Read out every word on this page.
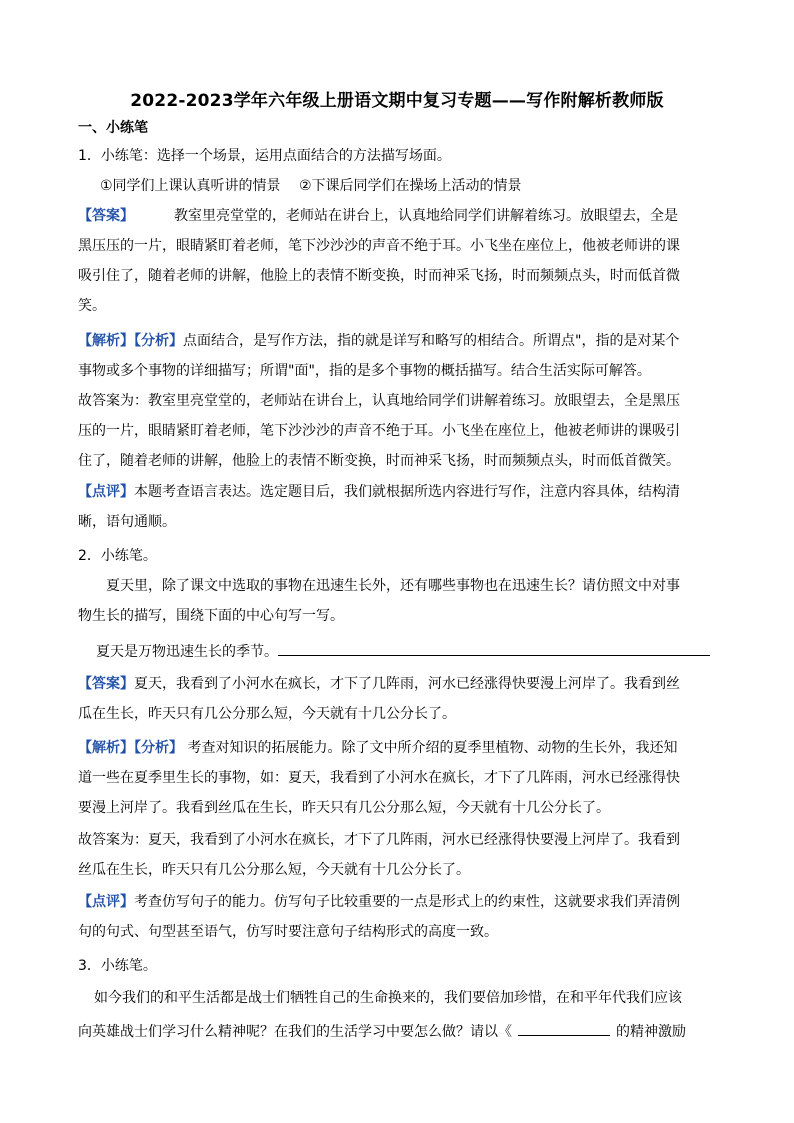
2022-2023学年六年级上册语文期中复习专题——写作附解析教师版
一、小练笔
1．小练笔：选择一个场景，运用点面结合的方法描写场面。
①同学们上课认真听讲的情景　 ②下课后同学们在操场上活动的情景
【答案】	教室里亮堂堂的，老师站在讲台上，认真地给同学们讲解着练习。放眼望去，全是
黑压压的一片，眼睛紧盯着老师，笔下沙沙沙的声音不绝于耳。小飞坐在座位上，他被老师讲的课
吸引住了，随着老师的讲解，他脸上的表情不断变换，时而神采飞扬，时而频频点头，时而低首微
笑。
【解析】【分析】点面结合，是写作方法，指的就是详写和略写的相结合。所谓点"，指的是对某个
事物或多个事物的详细描写；所谓"面"，指的是多个事物的概括描写。结合生活实际可解答。
故答案为：教室里亮堂堂的，老师站在讲台上，认真地给同学们讲解着练习。放眼望去，全是黑压
压的一片，眼睛紧盯着老师，笔下沙沙沙的声音不绝于耳。小飞坐在座位上，他被老师讲的课吸引
住了，随着老师的讲解，他脸上的表情不断变换，时而神采飞扬，时而频频点头，时而低首微笑。
【点评】本题考查语言表达。选定题目后，我们就根据所选内容进行写作，注意内容具体，结构清
晰，语句通顺。
2．小练笔。
夏天里，除了课文中选取的事物在迅速生长外，还有哪些事物也在迅速生长？请仿照文中对事
物生长的描写，围绕下面的中心句写一写。
夏天是万物迅速生长的季节。
【答案】夏天，我看到了小河水在疯长，才下了几阵雨，河水已经涨得快要漫上河岸了。我看到丝
瓜在生长，昨天只有几公分那么短，今天就有十几公分长了。
【解析】【分析】 考查对知识的拓展能力。除了文中所介绍的夏季里植物、动物的生长外，我还知
道一些在夏季里生长的事物，如：夏天，我看到了小河水在疯长，才下了几阵雨，河水已经涨得快
要漫上河岸了。我看到丝瓜在生长，昨天只有几公分那么短，今天就有十几公分长了。
故答案为：夏天，我看到了小河水在疯长，才下了几阵雨，河水已经涨得快要漫上河岸了。我看到
丝瓜在生长，昨天只有几公分那么短，今天就有十几公分长了。
【点评】考查仿写句子的能力。仿写句子比较重要的一点是形式上的约束性，这就要求我们弄清例
句的句式、句型甚至语气，仿写时要注意句子结构形式的高度一致。
3．小练笔。
如今我们的和平生活都是战士们牺牲自己的生命换来的，我们要倍加珍惜，在和平年代我们应该
向英雄战士们学习什么精神呢？在我们的生活学习中要怎么做？请以《	的精神激励
